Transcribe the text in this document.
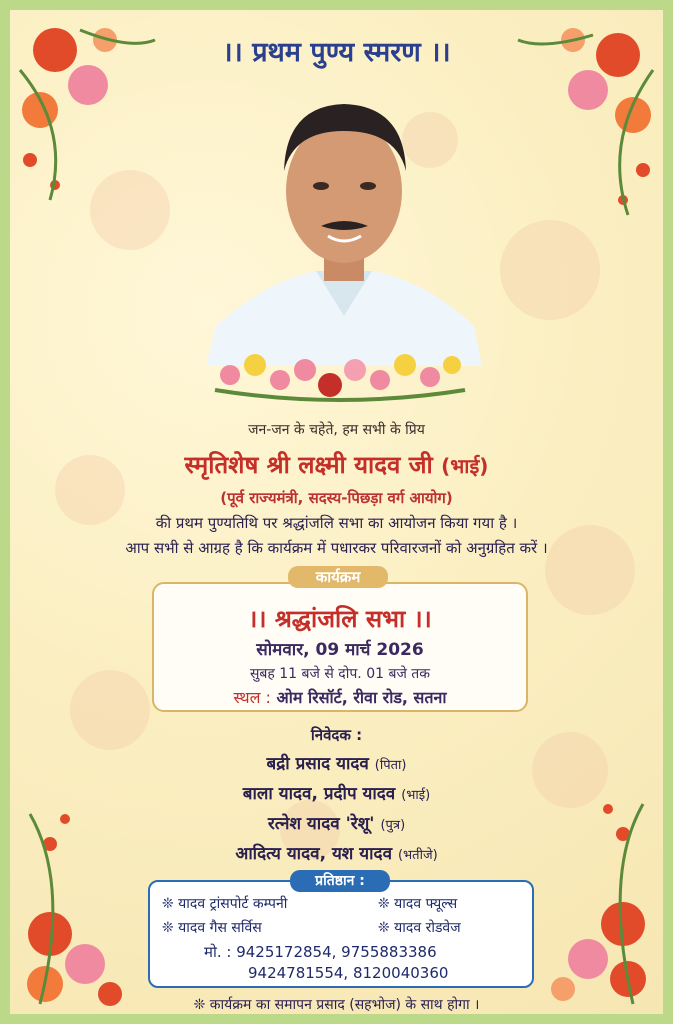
।। प्रथम पुण्य स्मरण ।।
जन-जन के चहेते, हम सभी के प्रिय
स्मृतिशेष श्री लक्ष्मी यादव जी (भाई)
(पूर्व राज्यमंत्री, सदस्य-पिछड़ा वर्ग आयोग)
की प्रथम पुण्यतिथि पर श्रद्धांजलि सभा का आयोजन किया गया है ।
आप सभी से आग्रह है कि कार्यक्रम में पधारकर परिवारजनों को अनुग्रहित करें ।
।। श्रद्धांजलि सभा ।।
सोमवार, 09 मार्च 2026
सुबह 11 बजे से दोप. 01 बजे तक
स्थल : ओम रिसॉर्ट, रीवा रोड, सतना
कार्यक्रम
निवेदक :
बद्री प्रसाद यादव (पिता)
बाला यादव, प्रदीप यादव (भाई)
रत्नेश यादव 'रेशू' (पुत्र)
आदित्य यादव, यश यादव (भतीजे)
❊ यादव ट्रांसपोर्ट कम्पनी	❊ यादव फ्यूल्स
❊ यादव गैस सर्विस	❊ यादव रोडवेज
मो. : 9425172854, 9755883386
9424781554, 8120040360
प्रतिष्ठान :
❊ कार्यक्रम का समापन प्रसाद (सहभोज) के साथ होगा ।
